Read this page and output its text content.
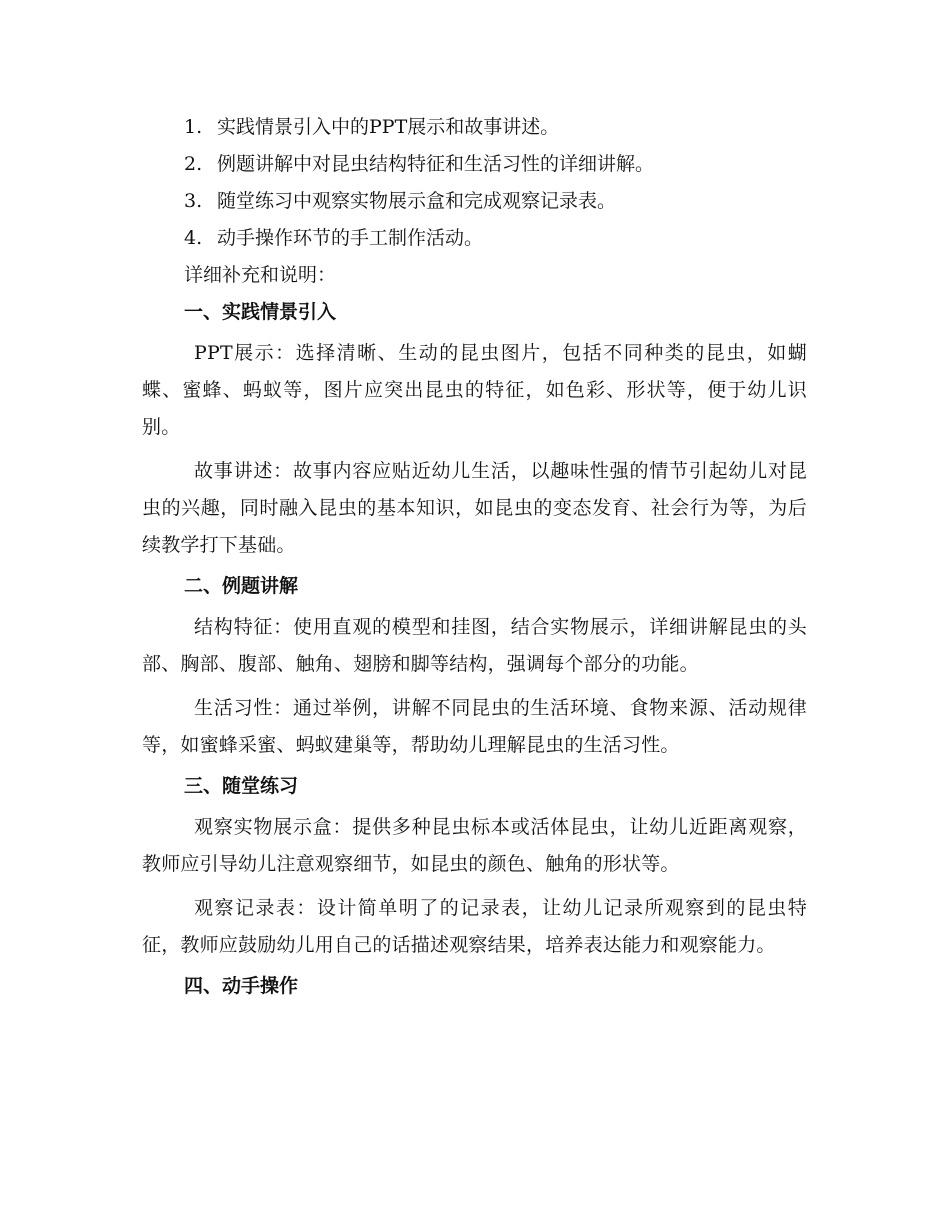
1. 实践情景引入中的PPT展示和故事讲述。
2. 例题讲解中对昆虫结构特征和生活习性的详细讲解。
3. 随堂练习中观察实物展示盒和完成观察记录表。
4. 动手操作环节的手工制作活动。
详细补充和说明：
一、实践情景引入

PPT展示：选择清晰、生动的昆虫图片，包括不同种类的昆虫，如蝴蝶、蜜蜂、蚂蚁等，图片应突出昆虫的特征，如色彩、形状等，便于幼儿识别。

故事讲述：故事内容应贴近幼儿生活，以趣味性强的情节引起幼儿对昆虫的兴趣，同时融入昆虫的基本知识，如昆虫的变态发育、社会行为等，为后续教学打下基础。

二、例题讲解

结构特征：使用直观的模型和挂图，结合实物展示，详细讲解昆虫的头部、胸部、腹部、触角、翅膀和脚等结构，强调每个部分的功能。

生活习性：通过举例，讲解不同昆虫的生活环境、食物来源、活动规律等，如蜜蜂采蜜、蚂蚁建巢等，帮助幼儿理解昆虫的生活习性。

三、随堂练习

观察实物展示盒：提供多种昆虫标本或活体昆虫，让幼儿近距离观察，教师应引导幼儿注意观察细节，如昆虫的颜色、触角的形状等。

观察记录表：设计简单明了的记录表，让幼儿记录所观察到的昆虫特征，教师应鼓励幼儿用自己的话描述观察结果，培养表达能力和观察能力。

四、动手操作
